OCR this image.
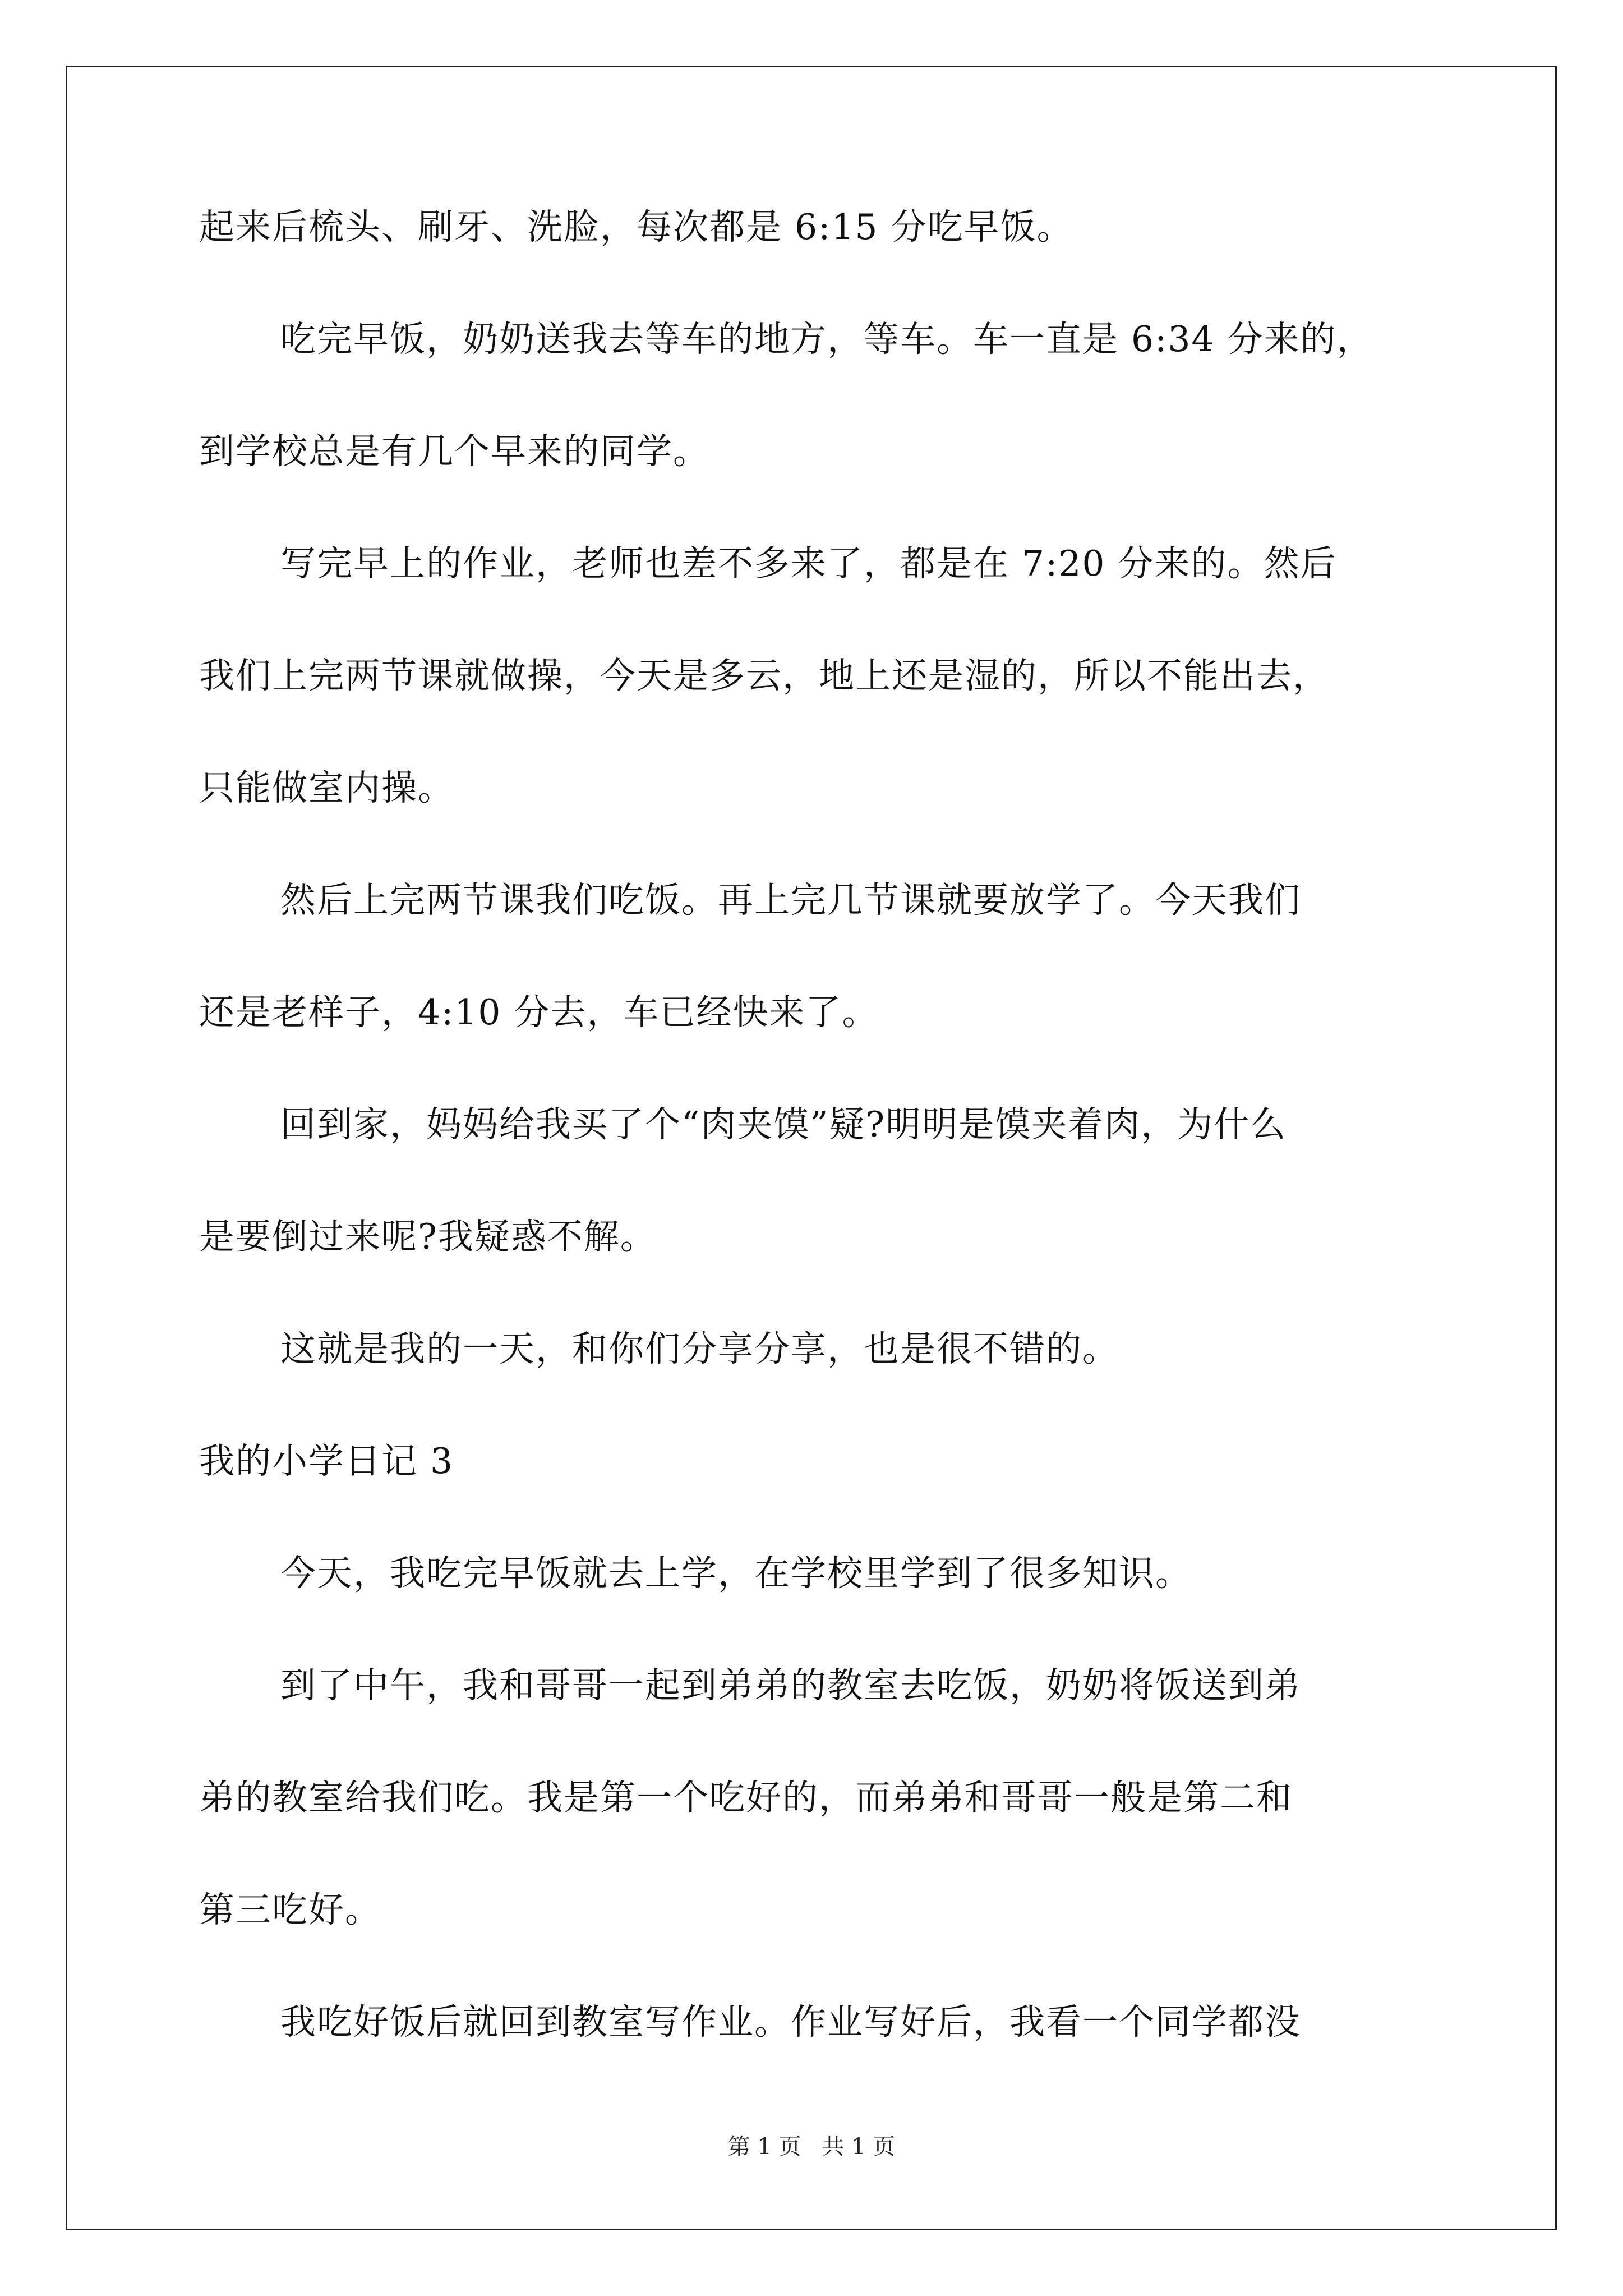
起来后梳头、刷牙、洗脸，每次都是 6:15 分吃早饭。
吃完早饭，奶奶送我去等车的地方，等车。车一直是 6:34 分来的，
到学校总是有几个早来的同学。
写完早上的作业，老师也差不多来了，都是在 7:20 分来的。然后
我们上完两节课就做操，今天是多云，地上还是湿的，所以不能出去，
只能做室内操。
然后上完两节课我们吃饭。再上完几节课就要放学了。今天我们
还是老样子，4:10 分去，车已经快来了。
回到家，妈妈给我买了个“肉夹馍”疑?明明是馍夹着肉，为什么
是要倒过来呢?我疑惑不解。
这就是我的一天，和你们分享分享，也是很不错的。
我的小学日记 3
今天，我吃完早饭就去上学，在学校里学到了很多知识。
到了中午，我和哥哥一起到弟弟的教室去吃饭，奶奶将饭送到弟
弟的教室给我们吃。我是第一个吃好的，而弟弟和哥哥一般是第二和
第三吃好。
我吃好饭后就回到教室写作业。作业写好后，我看一个同学都没
第 1 页 共 1 页
